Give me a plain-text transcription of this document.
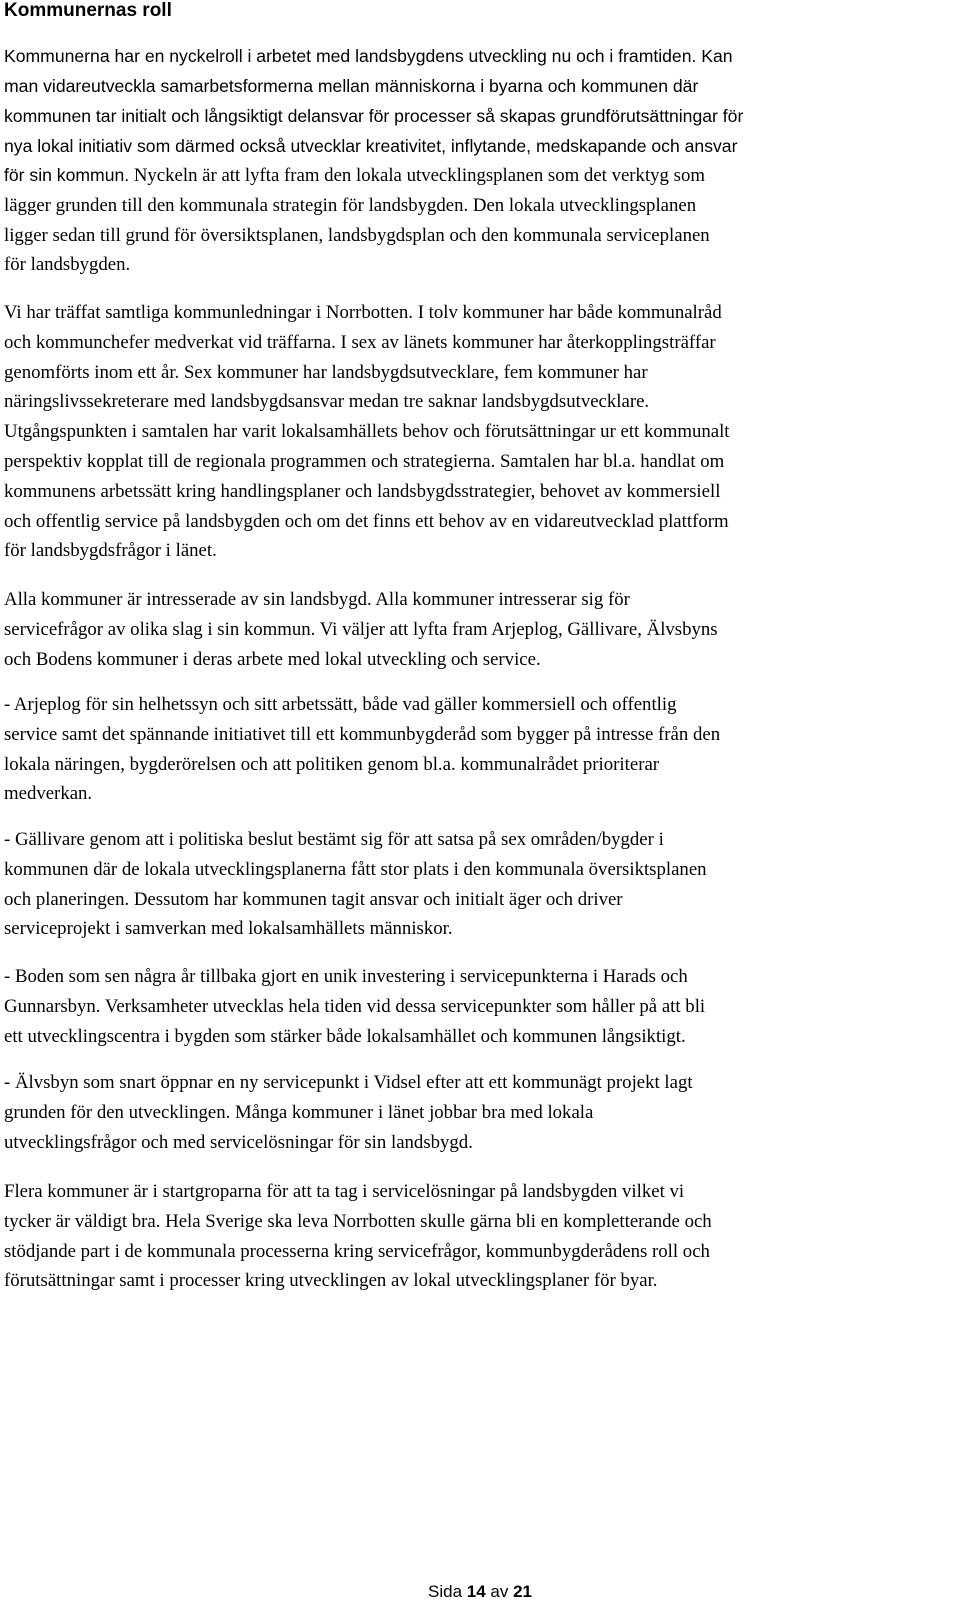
Kommunernas roll
Kommunerna har en nyckelroll i arbetet med landsbygdens utveckling nu och i framtiden. Kan
man vidareutveckla samarbetsformerna mellan människorna i byarna och kommunen där
kommunen tar initialt och långsiktigt delansvar för processer så skapas grundförutsättningar för
nya lokal initiativ som därmed också utvecklar kreativitet, inflytande, medskapande och ansvar
för sin kommun. Nyckeln är att lyfta fram den lokala utvecklingsplanen som det verktyg som
lägger grunden till den kommunala strategin för landsbygden. Den lokala utvecklingsplanen
ligger sedan till grund för översiktsplanen, landsbygdsplan och den kommunala serviceplanen
för landsbygden.
Vi har träffat samtliga kommunledningar i Norrbotten. I tolv kommuner har både kommunalråd
och kommunchefer medverkat vid träffarna. I sex av länets kommuner har återkopplingsträffar
genomförts inom ett år. Sex kommuner har landsbygdsutvecklare, fem kommuner har
näringslivssekreterare med landsbygdsansvar medan tre saknar landsbygdsutvecklare.
Utgångspunkten i samtalen har varit lokalsamhällets behov och förutsättningar ur ett kommunalt
perspektiv kopplat till de regionala programmen och strategierna. Samtalen har bl.a. handlat om
kommunens arbetssätt kring handlingsplaner och landsbygdsstrategier, behovet av kommersiell
och offentlig service på landsbygden och om det finns ett behov av en vidareutvecklad plattform
för landsbygdsfrågor i länet.
Alla kommuner är intresserade av sin landsbygd. Alla kommuner intresserar sig för
servicefrågor av olika slag i sin kommun. Vi väljer att lyfta fram Arjeplog, Gällivare, Älvsbyns
och Bodens kommuner i deras arbete med lokal utveckling och service.
- Arjeplog för sin helhetssyn och sitt arbetssätt, både vad gäller kommersiell och offentlig
service samt det spännande initiativet till ett kommunbygderåd som bygger på intresse från den
lokala näringen, bygderörelsen och att politiken genom bl.a. kommunalrådet prioriterar
medverkan.
- Gällivare genom att i politiska beslut bestämt sig för att satsa på sex områden/bygder i
kommunen där de lokala utvecklingsplanerna fått stor plats i den kommunala översiktsplanen
och planeringen. Dessutom har kommunen tagit ansvar och initialt äger och driver
serviceprojekt i samverkan med lokalsamhällets människor.
- Boden som sen några år tillbaka gjort en unik investering i servicepunkterna i Harads och
Gunnarsbyn. Verksamheter utvecklas hela tiden vid dessa servicepunkter som håller på att bli
ett utvecklingscentra i bygden som stärker både lokalsamhället och kommunen långsiktigt.
- Älvsbyn som snart öppnar en ny servicepunkt i Vidsel efter att ett kommunägt projekt lagt
grunden för den utvecklingen. Många kommuner i länet jobbar bra med lokala
utvecklingsfrågor och med servicelösningar för sin landsbygd.
Flera kommuner är i startgroparna för att ta tag i servicelösningar på landsbygden vilket vi
tycker är väldigt bra. Hela Sverige ska leva Norrbotten skulle gärna bli en kompletterande och
stödjande part i de kommunala processerna kring servicefrågor, kommunbygderådens roll och
förutsättningar samt i processer kring utvecklingen av lokal utvecklingsplaner för byar.
Sida 14 av 21
